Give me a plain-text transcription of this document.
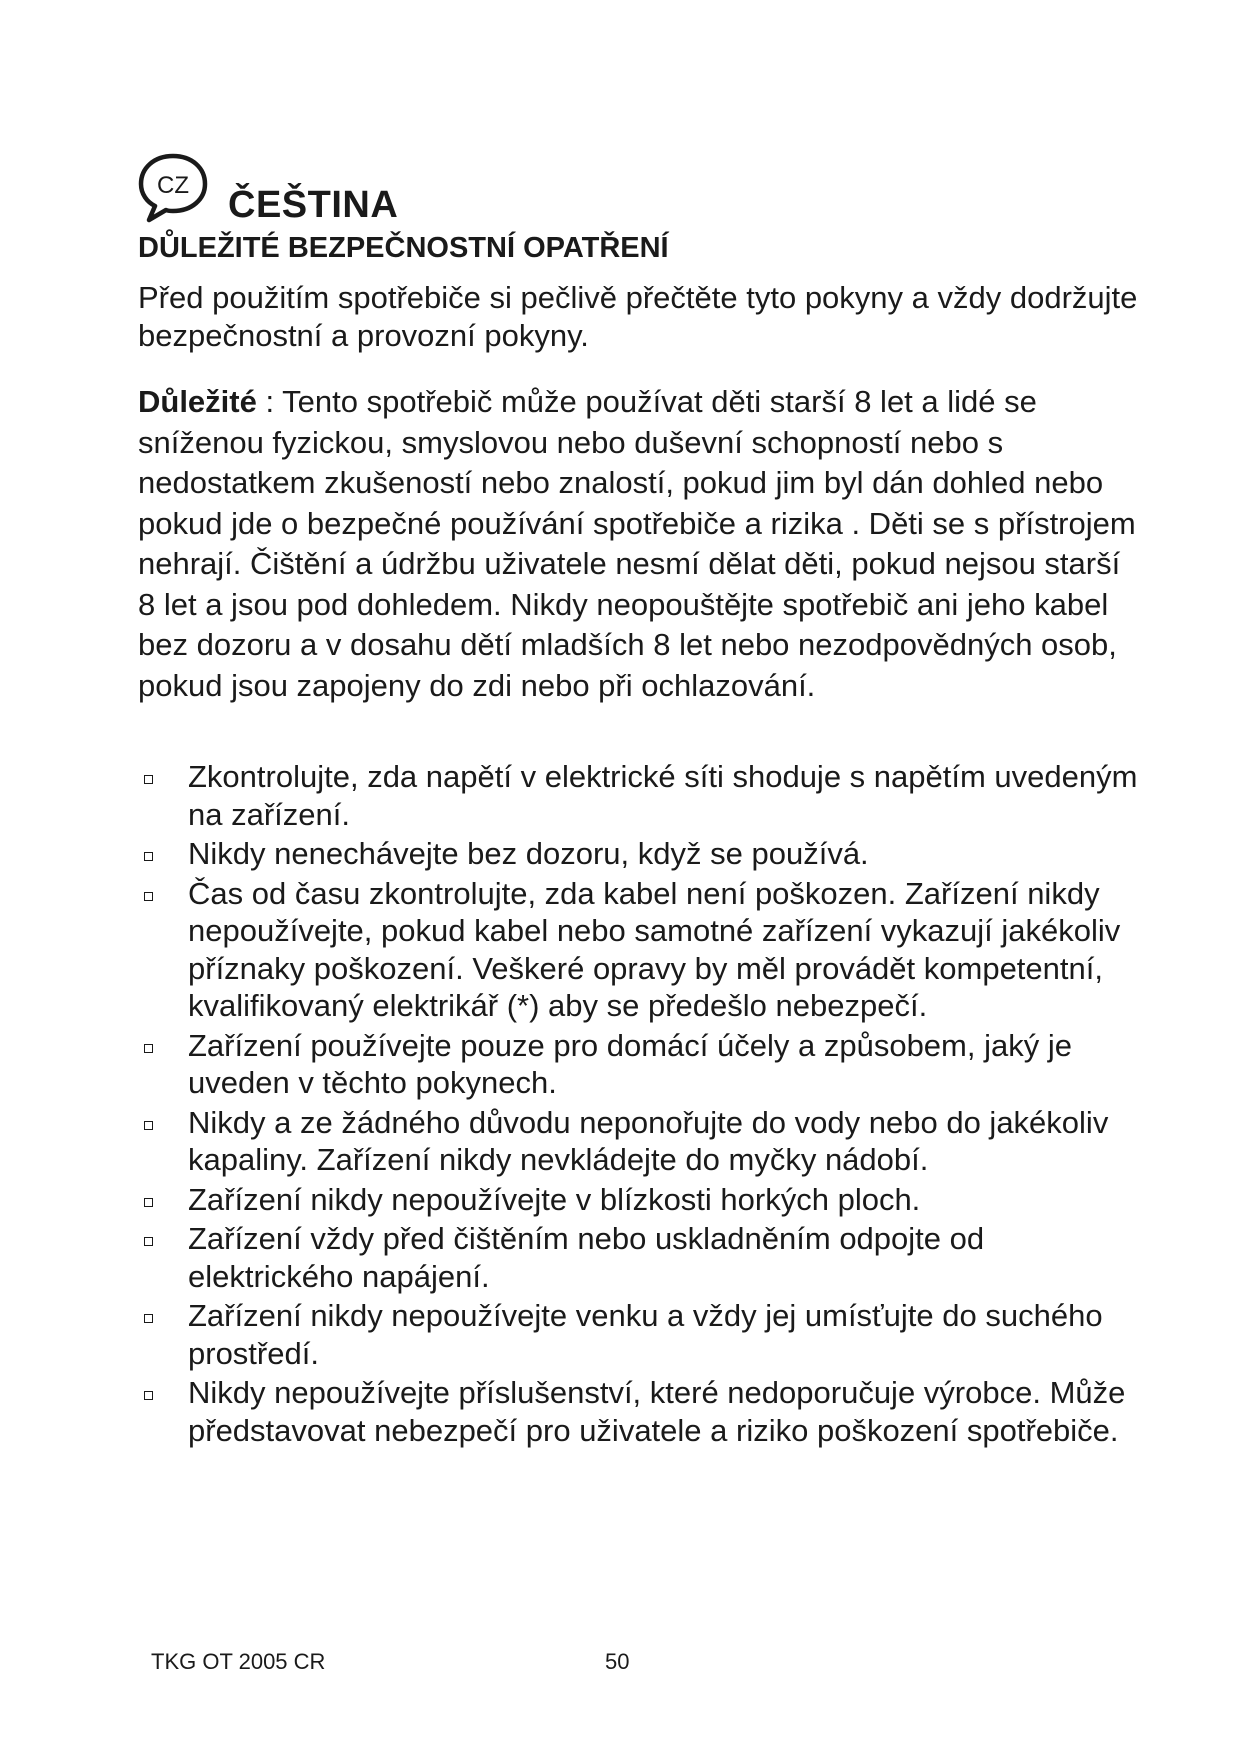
CZ ČEŠTINA
DŮLEŽITÉ BEZPEČNOSTNÍ OPATŘENÍ

Před použitím spotřebiče si pečlivě přečtěte tyto pokyny a vždy dodržujte bezpečnostní a provozní pokyny.

Důležité : Tento spotřebič může používat děti starší 8 let a lidé se sníženou fyzickou, smyslovou nebo duševní schopností nebo s nedostatkem zkušeností nebo znalostí, pokud jim byl dán dohled nebo pokud jde o bezpečné používání spotřebiče a rizika . Děti se s přístrojem nehrají. Čištění a údržbu uživatele nesmí dělat děti, pokud nejsou starší 8 let a jsou pod dohledem. Nikdy neopouštějte spotřebič ani jeho kabel bez dozoru a v dosahu dětí mladších 8 let nebo nezodpovědných osob, pokud jsou zapojeny do zdi nebo při ochlazování.

Zkontrolujte, zda napětí v elektrické síti shoduje s napětím uvedeným na zařízení.
Nikdy nenechávejte bez dozoru, když se používá.
Čas od času zkontrolujte, zda kabel není poškozen. Zařízení nikdy nepoužívejte, pokud kabel nebo samotné zařízení vykazují jakékoliv příznaky poškození. Veškeré opravy by měl provádět kompetentní, kvalifikovaný elektrikář (*) aby se předešlo nebezpečí.
Zařízení používejte pouze pro domácí účely a způsobem, jaký je uveden v těchto pokynech.
Nikdy a ze žádného důvodu neponořujte do vody nebo do jakékoliv kapaliny. Zařízení nikdy nevkládejte do myčky nádobí.
Zařízení nikdy nepoužívejte v blízkosti horkých ploch.
Zařízení vždy před čištěním nebo uskladněním odpojte od elektrického napájení.
Zařízení nikdy nepoužívejte venku a vždy jej umísťujte do suchého prostředí.
Nikdy nepoužívejte příslušenství, které nedoporučuje výrobce. Může představovat nebezpečí pro uživatele a riziko poškození spotřebiče.
TKG OT 2005 CR	50
